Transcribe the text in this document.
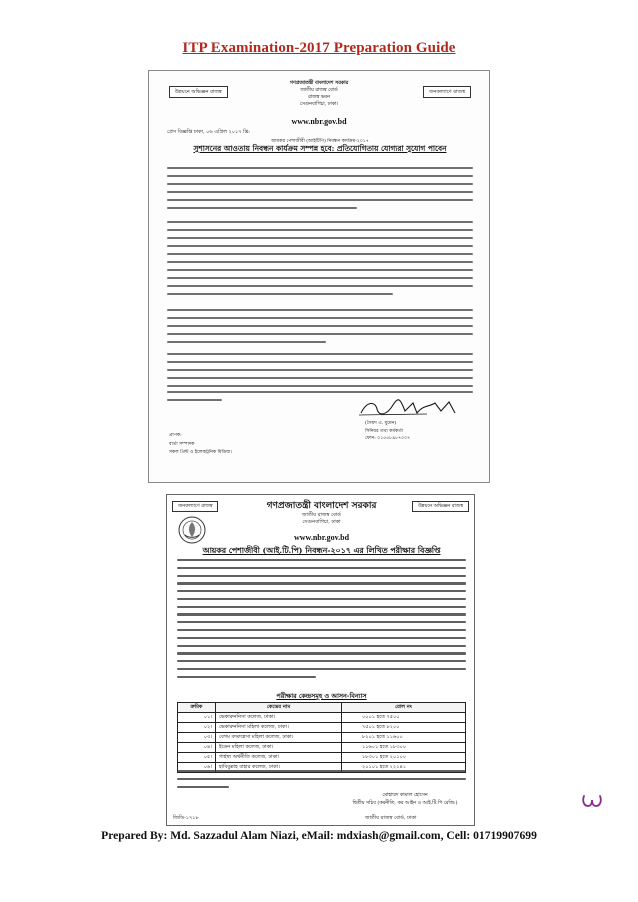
ITP Examination-2017 Preparation Guide
উন্নয়নে অভিজ্ঞন রাজস্ব	জনকল্যাণে রাজস্ব
গণপ্রজাতন্ত্রী বাংলাদেশ সরকার
জাতীয় রাজস্ব বোর্ড
রাজস্ব ভবন
সেগুনবাগিচা, ঢাকা।
www.nbr.gov.bd
প্রেস বিজ্ঞপ্তি ঢাকা, ০৬ এপ্রিল ২০১৭ খ্রি:
আয়কর পেশাজীবী (আইটিপি) নিবন্ধন কার্যক্রম-২০১৭
সুশাসনের আওতায় নিবন্ধন কার্যক্রম সম্পন্ন হবে: প্রতিযোগিতায় যোগ্যরা সুযোগ পাবেন
(সৈয়দ এ. মুমেন)
সিনিয়র তথ্য কর্মকর্তা
ফোন: ০১৫৫৮৯৮৭০০৭
প্রাপক:
বার্তা সম্পাদক
সকল প্রিন্ট ও ইলেকট্রনিক মিডিয়া।
জনকল্যাণে রাজস্ব	উন্নয়নে অভিজ্ঞন রাজস্ব
গণপ্রজাতন্ত্রী বাংলাদেশ সরকার
জাতীয় রাজস্ব বোর্ড
সেগুনবাগিচা, ঢাকা
www.nbr.gov.bd
আয়কর পেশাজীবী (আই.টি.পি) নিবন্ধন-২০১৭ এর লিখিত পরীক্ষার বিজ্ঞপ্তি
পরীক্ষার কেন্দ্রসমূহ ও আসন-বিন্যাস
ক্রমিক	কেন্দ্রের নাম	রোল নং
০১।	ভেকারুননিসা কলেজ, ঢাকা।	০০০১ হতে ৭৫০০
০২।	ভেকারুননিসা মহিলা কলেজ, ঢাকা।	৭৫০১ হতে ৮২০০
০৩।	বেগম বদরুন্নেসা মহিলা কলেজ, ঢাকা।	৮২০১ হতে ১১৬০০
০৪।	ইডেন মহিলা কলেজ, ঢাকা।	১১৬০১ হতে ১৮৩০০
০৫।	গার্হস্থ্য অর্থনীতি কলেজ, ঢাকা।	১৮৩০১ হতে ২০১০০
০৬।	হাবিবুল্লাহ বাহার কলেজ, ঢাকা।	২০১০১ হতে ২২১৪১
মোহাম্মদ কামাল হোসেন
দ্বিতীয় সচিব (করনীতি, কর আইন ও আই.টি.পি রেজি:)
জিডি-১৭১৮	জাতীয় রাজস্ব বোর্ড, ঢাকা
Prepared By: Md. Sazzadul Alam Niazi, eMail: mdxiash@gmail.com, Cell: 01719907699
